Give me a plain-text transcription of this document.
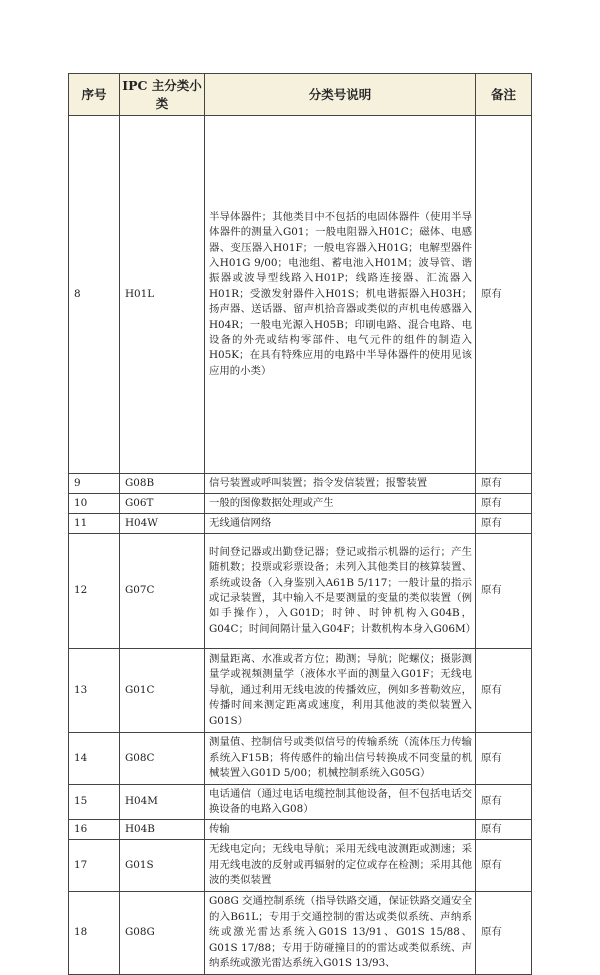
序号	IPC 主分类小类	分类号说明	备注
8	H01L	半导体器件；其他类目中不包括的电固体器件（使用半导体器件的测量入G01；一般电阻器入H01C；磁体、电感器、变压器入H01F；一般电容器入H01G；电解型器件入H01G 9/00；电池组、蓄电池入H01M；波导管、谐振器或波导型线路入H01P；线路连接器、汇流器入H01R；受激发射器件入H01S；机电谐振器入H03H；扬声器、送话器、留声机拾音器或类似的声机电传感器入H04R；一般电光源入H05B；印刷电路、混合电路、电设备的外壳或结构零部件、电气元件的组件的制造入H05K；在具有特殊应用的电路中半导体器件的使用见该应用的小类）	原有
9	G08B	信号装置或呼叫装置；指令发信装置；报警装置	原有
10	G06T	一般的图像数据处理或产生	原有
11	H04W	无线通信网络	原有
12	G07C	时间登记器或出勤登记器；登记或指示机器的运行；产生随机数；投票或彩票设备；未列入其他类目的核算装置、系统或设备（入身鉴别入A61B 5/117；一般计量的指示或记录装置，其中输入不是要测量的变量的类似装置（例如手操作），入G01D；时钟、时钟机构入G04B，G04C；时间间隔计量入G04F；计数机构本身入G06M）	原有
13	G01C	测量距离、水准或者方位；勘测；导航；陀螺仪；摄影测量学或视频测量学（液体水平面的测量入G01F；无线电导航，通过利用无线电波的传播效应，例如多普勒效应，传播时间来测定距离或速度，利用其他波的类似装置入G01S）	原有
14	G08C	测量值、控制信号或类似信号的传输系统（流体压力传输系统入F15B；将传感件的输出信号转换成不同变量的机械装置入G01D 5/00；机械控制系统入G05G）	原有
15	H04M	电话通信（通过电话电缆控制其他设备，但不包括电话交换设备的电路入G08）	原有
16	H04B	传输	原有
17	G01S	无线电定向；无线电导航；采用无线电波测距或测速；采用无线电波的反射或再辐射的定位或存在检测；采用其他波的类似装置	原有
18	G08G	G08G 交通控制系统（指导铁路交通，保证铁路交通安全的入B61L；专用于交通控制的雷达或类似系统、声纳系统或激光雷达系统入G01S 13/91、G01S 15/88、G01S 17/88；专用于防碰撞目的的雷达或类似系统、声纳系统或激光雷达系统入G01S 13/93、	原有
